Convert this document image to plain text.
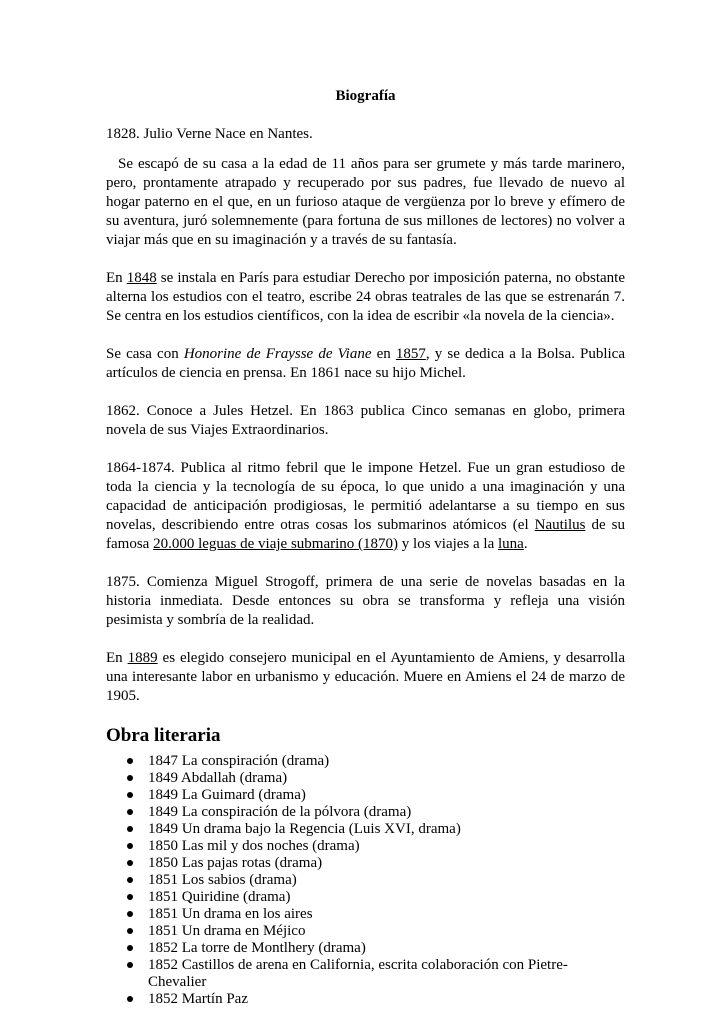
Biografía

1828. Julio Verne Nace en Nantes.

Se escapó de su casa a la edad de 11 años para ser grumete y más tarde marinero, pero, prontamente atrapado y recuperado por sus padres, fue llevado de nuevo al hogar paterno en el que, en un furioso ataque de vergüenza por lo breve y efímero de su aventura, juró solemnemente (para fortuna de sus millones de lectores) no volver a viajar más que en su imaginación y a través de su fantasía.

En 1848 se instala en París para estudiar Derecho por imposición paterna, no obstante alterna los estudios con el teatro, escribe 24 obras teatrales de las que se estrenarán 7. Se centra en los estudios científicos, con la idea de escribir «la novela de la ciencia».

Se casa con Honorine de Fraysse de Viane en 1857, y se dedica a la Bolsa. Publica artículos de ciencia en prensa. En 1861 nace su hijo Michel.

1862. Conoce a Jules Hetzel. En 1863 publica Cinco semanas en globo, primera novela de sus Viajes Extraordinarios.

1864-1874. Publica al ritmo febril que le impone Hetzel. Fue un gran estudioso de toda la ciencia y la tecnología de su época, lo que unido a una imaginación y una capacidad de anticipación prodigiosas, le permitió adelantarse a su tiempo en sus novelas, describiendo entre otras cosas los submarinos atómicos (el Nautilus de su famosa 20.000 leguas de viaje submarino (1870) y los viajes a la luna.

1875. Comienza Miguel Strogoff, primera de una serie de novelas basadas en la historia inmediata. Desde entonces su obra se transforma y refleja una visión pesimista y sombría de la realidad.

En 1889 es elegido consejero municipal en el Ayuntamiento de Amiens, y desarrolla una interesante labor en urbanismo y educación. Muere en Amiens el 24 de marzo de 1905.

Obra literaria
1847 La conspiración (drama)
1849 Abdallah (drama)
1849 La Guimard (drama)
1849 La conspiración de la pólvora (drama)
1849 Un drama bajo la Regencia (Luis XVI, drama)
1850 Las mil y dos noches (drama)
1850 Las pajas rotas (drama)
1851 Los sabios (drama)
1851 Quiridine (drama)
1851 Un drama en los aires
1851 Un drama en Méjico
1852 La torre de Montlhery (drama)
1852 Castillos de arena en California, escrita colaboración con Pietre-Chevalier
1852 Martín Paz
